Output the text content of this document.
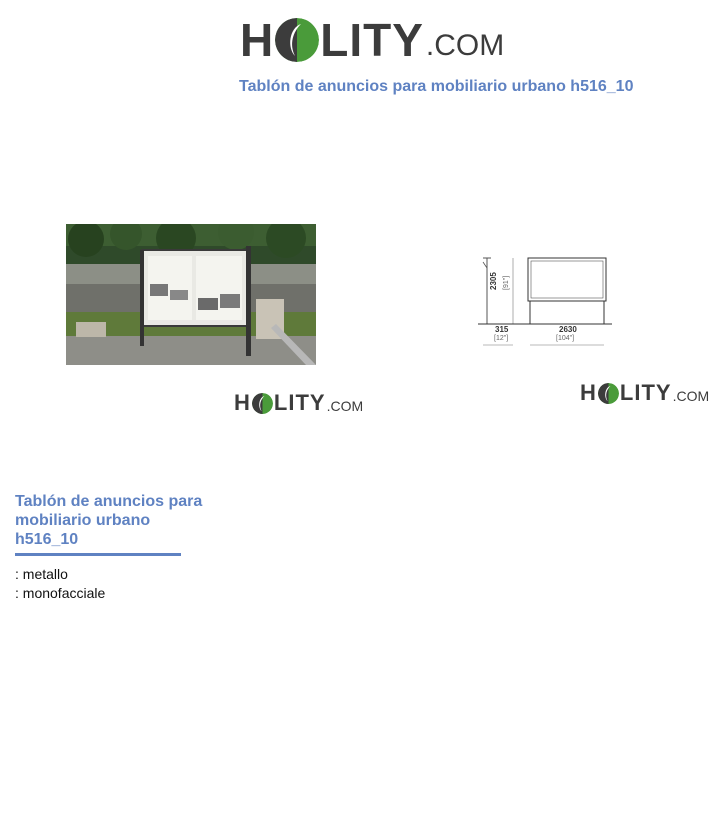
H LITY .COM
Tablón de anuncios para mobiliario urbano h516_10
2305 [91"]
315
[12"]
2630
[104"]
H LITY .COM
H LITY .COM
Tablón de anuncios para mobiliario urbano h516_10
: metallo
: monofacciale
